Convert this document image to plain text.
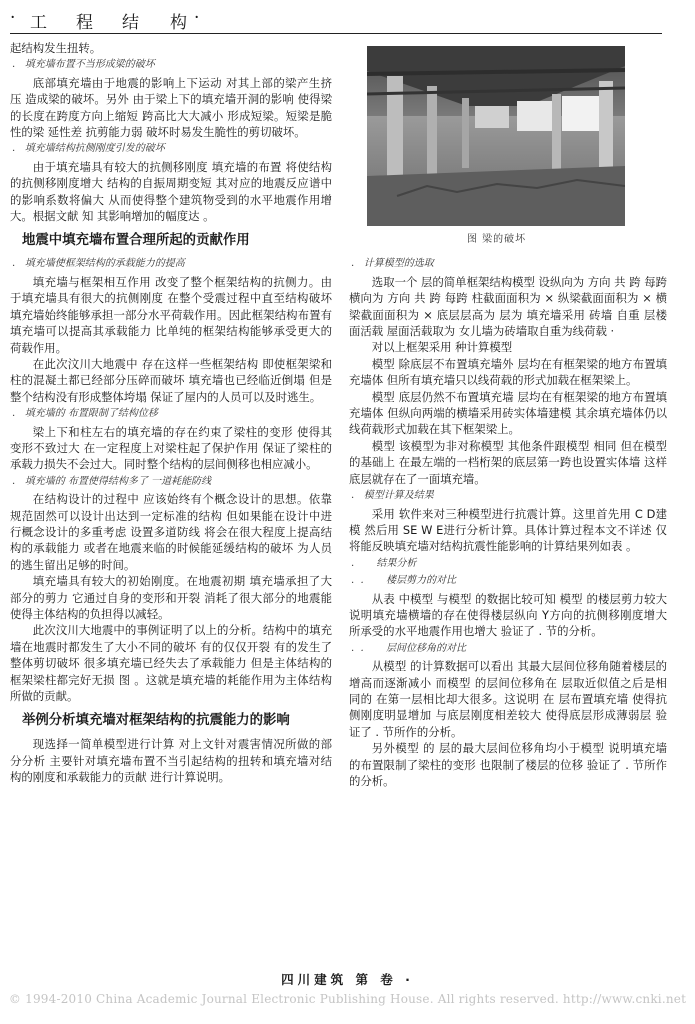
· 工 程 结 构 ·

起结构发生扭转。

.   填充墙布置不当形成梁的破坏

底部填充墙由于地震的影响上下运动 对其上部的梁产生挤压 造成梁的破坏。另外 由于梁上下的填充墙开洞的影响 使得梁的长度在跨度方向上缩短 跨高比大大减小 形成短梁。短梁是脆性的梁 延性差 抗剪能力弱 破坏时易发生脆性的剪切破坏。

.   填充墙结构抗侧刚度引发的破坏

由于填充墙具有较大的抗侧移刚度 填充墙的布置 将使结构的抗侧移刚度增大 结构的自振周期变短 其对应的地震反应谱中的影响系数将偏大 从而使得整个建筑物受到的水平地震作用增大。根据文献 知 其影响增加的幅度达 。

地震中填充墙布置合理所起的贡献作用
.   填充墙使框架结构的承载能力的提高

填充墙与框架相互作用 改变了整个框架结构的抗侧力。由于填充墙具有很大的抗侧刚度 在整个受震过程中直至结构破坏 填充墙始终能够承担一部分水平荷载作用。因此框架结构布置有填充墙可以提高其承载能力 比单纯的框架结构能够承受更大的荷载作用。

在此次汶川大地震中 存在这样一些框架结构 即使框架梁和柱的混凝土都已经部分压碎而破坏 填充墙也已经临近倒塌 但是整个结构没有形成整体垮塌 保证了屋内的人员可以及时逃生。

.   填充墙的 布置限制了结构位移

梁上下和柱左右的填充墙的存在约束了梁柱的变形 使得其变形不致过大 在一定程度上对梁柱起了保护作用 保证了梁柱的承载力损失不会过大。同时整个结构的层间侧移也相应减小。

.   填充墙的 布置使得结构多了 一道耗能防线

在结构设计的过程中 应该始终有个概念设计的思想。依靠规范固然可以设计出达到一定标准的结构 但如果能在设计中进行概念设计的多重考虑 设置多道防线 将会在很大程度上提高结构的承载能力 或者在地震来临的时候能延缓结构的破坏 为人员的逃生留出足够的时间。

填充墙具有较大的初始刚度。在地震初期 填充墙承担了大部分的剪力 它通过自身的变形和开裂 消耗了很大部分的地震能 使得主体结构的负担得以减轻。

此次汶川大地震中的事例证明了以上的分析。结构中的填充墙在地震时都发生了大小不同的破坏 有的仅仅开裂 有的发生了整体剪切破坏 很多填充墙已经失去了承载能力 但是主体结构的框架梁柱都完好无损 图 。这就是填充墙的耗能作用为主体结构所做的贡献。

举例分析填充墙对框架结构的抗震能力的影响

现选择一简单模型进行计算 对上文针对震害情况所做的部分分析 主要针对填充墙布置不当引起结构的扭转和填充墙对结构的刚度和承载能力的贡献 进行计算说明。

图 梁的破坏
.   计算模型的选取

选取一个 层的简单框架结构模型 设纵向为 方向 共 跨 每跨 横向为 方向 共 跨 每跨 柱截面面积为 × 纵梁截面面积为 × 横梁截面面积为 × 底层层高为 层为 填充墙采用 砖墙 自重 层楼面活载 屋面活载取为 女儿墙为砖墙取自重为线荷载 ·

对以上框架采用 种计算模型

模型 除底层不布置填充墙外 层均在有框架梁的地方布置填充墙体 但所有填充墙只以线荷载的形式加载在框架梁上。

模型 底层仍然不布置填充墙 层均在有框架梁的地方布置填充墙体 但纵向两端的横墙采用砖实体墙建模 其余填充墙体仍以线荷载形式加载在其下框架梁上。

模型 该模型为非对称模型 其他条件跟模型 相同 但在模型 的基础上 在最左端的一档桁架的底层第一跨也设置实体墙 这样底层就存在了一面填充墙。

.   模型计算及结果

采用 软件来对三种模型进行抗震计算。这里首先用 C D建模 然后用 SE W E进行分析计算。具体计算过程本文不详述 仅将能反映填充墙对结构抗震性能影响的计算结果列如表 。

.       结果分析
.  .       楼层剪力的对比

从表 中模型 与模型 的数据比较可知 模型 的楼层剪力较大 说明填充墙横墙的存在使得楼层纵向 Y方向的抗侧移刚度增大 所承受的水平地震作用也增大 验证了 . 节的分析。

.  .       层间位移角的对比

从模型 的计算数据可以看出 其最大层间位移角随着楼层的增高而逐渐减小 而模型 的层间位移角在 层取近似值之后是相同的 在第一层相比却大很多。这说明 在 层布置填充墙 使得抗侧刚度明显增加 与底层刚度相差较大 使得底层形成薄弱层 验证了 . 节所作的分析。

另外模型 的 层的最大层间位移角均小于模型 说明填充墙的布置限制了梁柱的变形 也限制了楼层的位移 验证了 . 节所作的分析。

四川建筑 第 卷 ·
© 1994-2010 China Academic Journal Electronic Publishing House. All rights reserved. http://www.cnki.net
